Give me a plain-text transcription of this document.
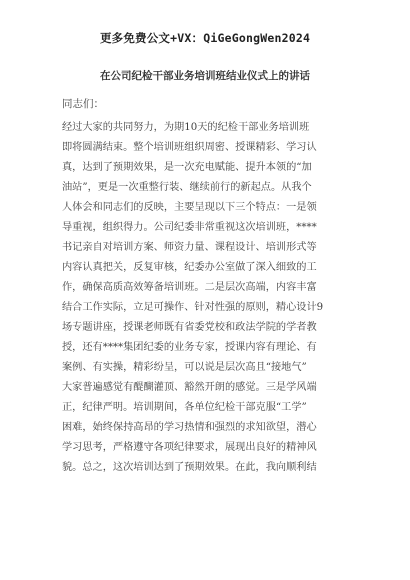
更多免费公文+VX：QiGeGongWen2024
在公司纪检干部业务培训班结业仪式上的讲话
同志们：
经过大家的共同努力，为期10天的纪检干部业务培训班
即将圆满结束。整个培训班组织周密、授课精彩、学习认
真，达到了预期效果，是一次充电赋能、提升本领的“加
油站”，更是一次重整行装、继续前行的新起点。从我个
人体会和同志们的反映，主要呈现以下三个特点：一是领
导重视，组织得力。公司纪委非常重视这次培训班，****
书记亲自对培训方案、师资力量、课程设计、培训形式等
内容认真把关，反复审核，纪委办公室做了深入细致的工
作，确保高质高效筹备培训班。二是层次高端，内容丰富
结合工作实际，立足可操作、针对性强的原则，精心设计9
场专题讲座，授课老师既有省委党校和政法学院的学者教
授，还有****集团纪委的业务专家，授课内容有理论、有
案例、有实操，精彩纷呈，可以说是层次高且“接地气”
大家普遍感觉有醍醐灌顶、豁然开朗的感觉。三是学风端
正，纪律严明。培训期间，各单位纪检干部克服“工学”
困难，始终保持高昂的学习热情和强烈的求知欲望，潜心
学习思考，严格遵守各项纪律要求，展现出良好的精神风
貌。总之，这次培训达到了预期效果。在此，我向顺利结
